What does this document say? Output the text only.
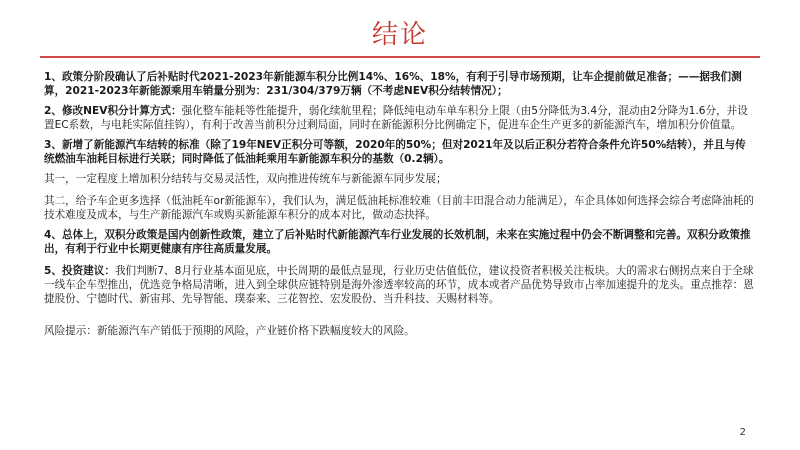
结论

1、政策分阶段确认了后补贴时代2021-2023年新能源车积分比例14%、16%、18%，有利于引导市场预期，让车企提前做足准备；——据我们测算，2021-2023年新能源乘用车销量分别为：231/304/379万辆（不考虑NEV积分结转情况）；

2、修改NEV积分计算方式：强化整车能耗等性能提升，弱化续航里程；降低纯电动车单车积分上限（由5分降低为3.4分，混动由2分降为1.6分，并设置EC系数，与电耗实际值挂钩），有利于改善当前积分过剩局面，同时在新能源积分比例确定下，促进车企生产更多的新能源汽车，增加积分价值量。

3、新增了新能源汽车结转的标准（除了19年NEV正积分可等额，2020年的50%；但对2021年及以后正积分若符合条件允许50%结转），并且与传统燃油车油耗目标进行关联；同时降低了低油耗乘用车新能源车积分的基数（0.2辆）。

其一，一定程度上增加积分结转与交易灵活性，双向推进传统车与新能源车同步发展；

其二，给予车企更多选择（低油耗车or新能源车），我们认为，满足低油耗标准较难（目前丰田混合动力能满足），车企具体如何选择会综合考虑降油耗的技术难度及成本，与生产新能源汽车或购买新能源车积分的成本对比，做动态抉择。

4、总体上，双积分政策是国内创新性政策，建立了后补贴时代新能源汽车行业发展的长效机制，未来在实施过程中仍会不断调整和完善。双积分政策推出，有利于行业中长期更健康有序往高质量发展。

5、投资建议：我们判断7、8月行业基本面见底，中长周期的最低点显现，行业历史估值低位，建议投资者积极关注板块。大的需求右侧拐点来自于全球一线车企车型推出，优选竞争格局清晰，进入到全球供应链特别是海外渗透率较高的环节，成本或者产品优势导致市占率加速提升的龙头。重点推荐：恩捷股份、宁德时代、新宙邦、先导智能、璞泰来、三花智控、宏发股份、当升科技、天赐材料等。

风险提示：新能源汽车产销低于预期的风险，产业链价格下跌幅度较大的风险。

2
